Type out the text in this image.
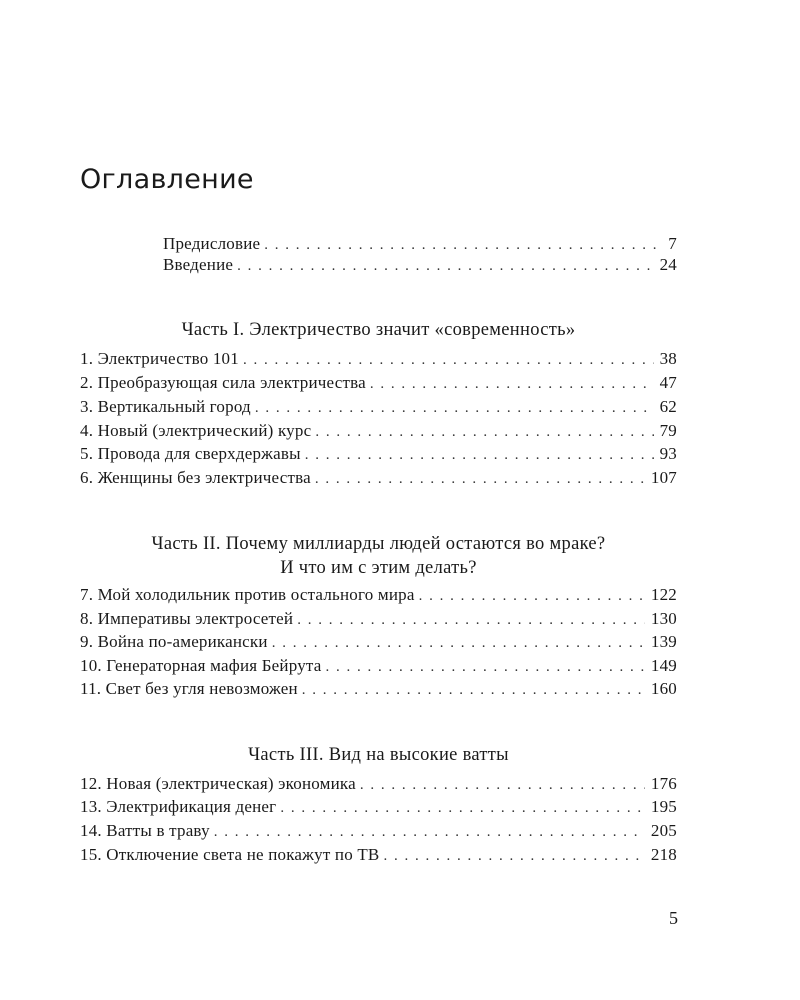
Оглавление
Предисловие . . .	7
Введение . . .	24
Часть I. Электричество значит «современность»
1. Электричество 101 . . .	38
2. Преобразующая сила электричества . . .	47
3. Вертикальный город . . .	62
4. Новый (электрический) курс . . .	79
5. Провода для сверхдержавы . . .	93
6. Женщины без электричества . . .	107
Часть II. Почему миллиарды людей остаются во мраке?
И что им с этим делать?
7. Мой холодильник против остального мира . . .	122
8. Императивы электросетей . . .	130
9. Война по-американски . . .	139
10. Генераторная мафия Бейрута . . .	149
11. Свет без угля невозможен . . .	160
Часть III. Вид на высокие ватты
12. Новая (электрическая) экономика . . .	176
13. Электрификация денег . . .	195
14. Ватты в траву . . .	205
15. Отключение света не покажут по ТВ . . .	218
5
